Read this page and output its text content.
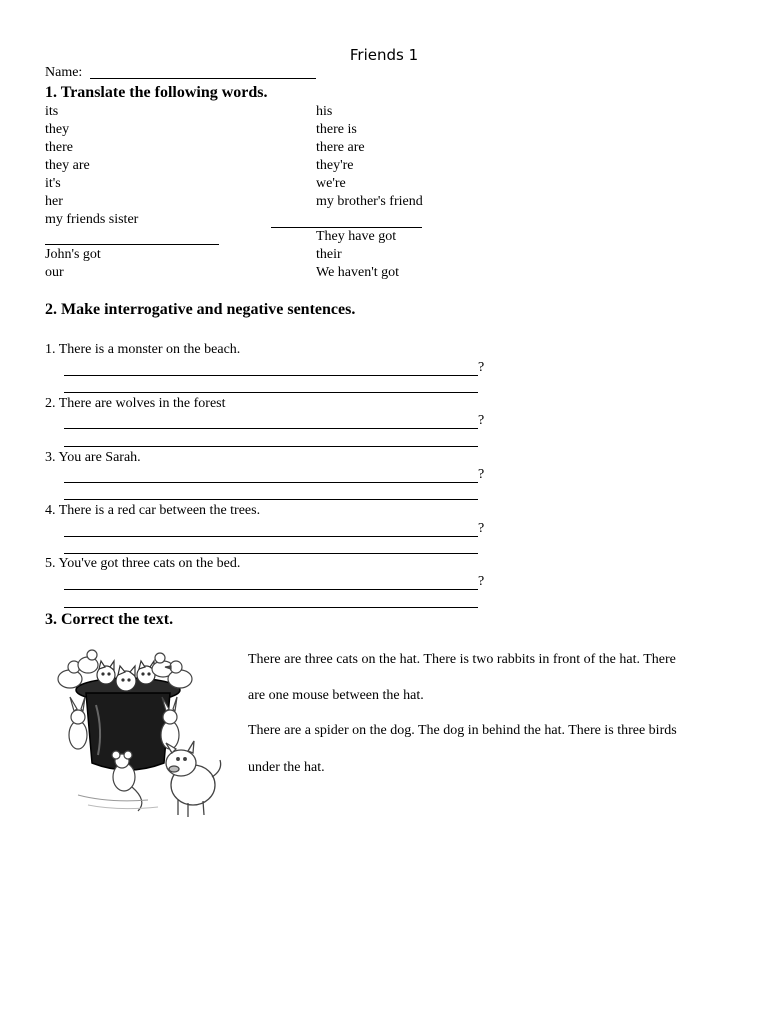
Friends 1
Name:
1. Translate the following words.
its
they
there
they are
it's
her
my friends sister
his
there is
there are
they're
we're
my brother's friend
They have got
John's got	their
our	We haven't got
2. Make interrogative and negative sentences.
1. There is a monster on the beach.
?
2. There are wolves in the forest
?
3. You are Sarah.
?
4. There is a red car between the trees.
?
5. You've got three cats on the bed.
?
3. Correct the text.
There are three cats on the hat. There is two rabbits in front of the hat. There
are one mouse between the hat.
There are a spider on the dog. The dog in behind the hat. There is three birds
under the hat.
